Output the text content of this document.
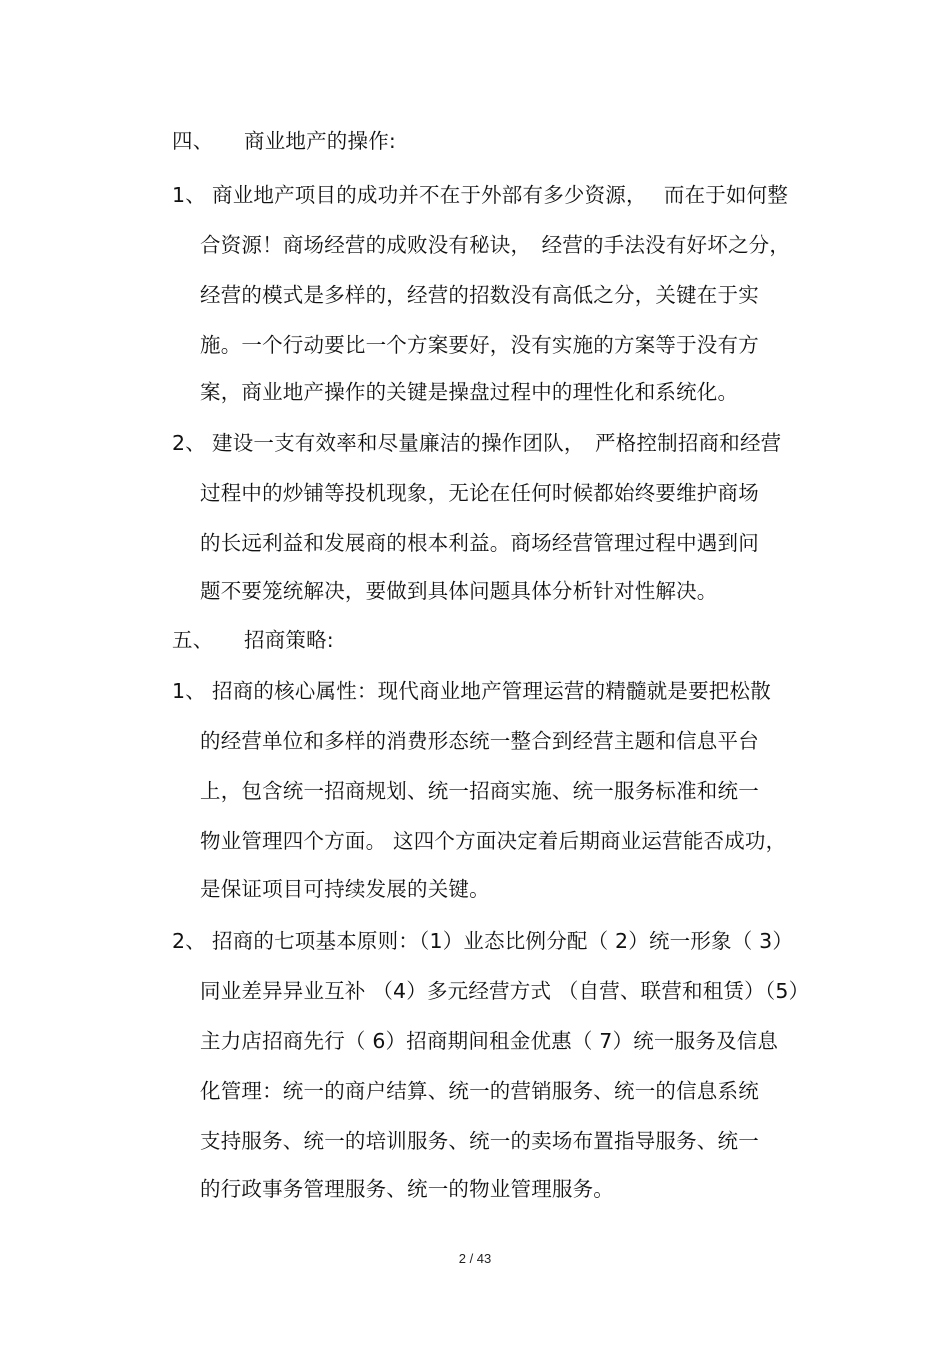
四、 商业地产的操作:
1、 商业地产项目的成功并不在于外部有多少资源，　 而在于如何整
合资源！商场经营的成败没有秘诀，　经营的手法没有好坏之分，
经营的模式是多样的，经营的招数没有高低之分，关键在于实
施。一个行动要比一个方案要好，没有实施的方案等于没有方
案，商业地产操作的关键是操盘过程中的理性化和系统化。
2、 建设一支有效率和尽量廉洁的操作团队，　严格控制招商和经营
过程中的炒铺等投机现象，无论在任何时候都始终要维护商场
的长远利益和发展商的根本利益。商场经营管理过程中遇到问
题不要笼统解决，要做到具体问题具体分析针对性解决。
五、 招商策略:
1、 招商的核心属性：现代商业地产管理运营的精髓就是要把松散
的经营单位和多样的消费形态统一整合到经营主题和信息平台
上，包含统一招商规划、统一招商实施、统一服务标准和统一
物业管理四个方面。 这四个方面决定着后期商业运营能否成功，
是保证项目可持续发展的关键。
2、 招商的七项基本原则：（1）业态比例分配（ 2）统一形象（ 3）
同业差异异业互补 （4）多元经营方式 （自营、联营和租赁）（5）
主力店招商先行（ 6）招商期间租金优惠（ 7）统一服务及信息
化管理：统一的商户结算、统一的营销服务、统一的信息系统
支持服务、统一的培训服务、统一的卖场布置指导服务、统一
的行政事务管理服务、统一的物业管理服务。
2 / 43
